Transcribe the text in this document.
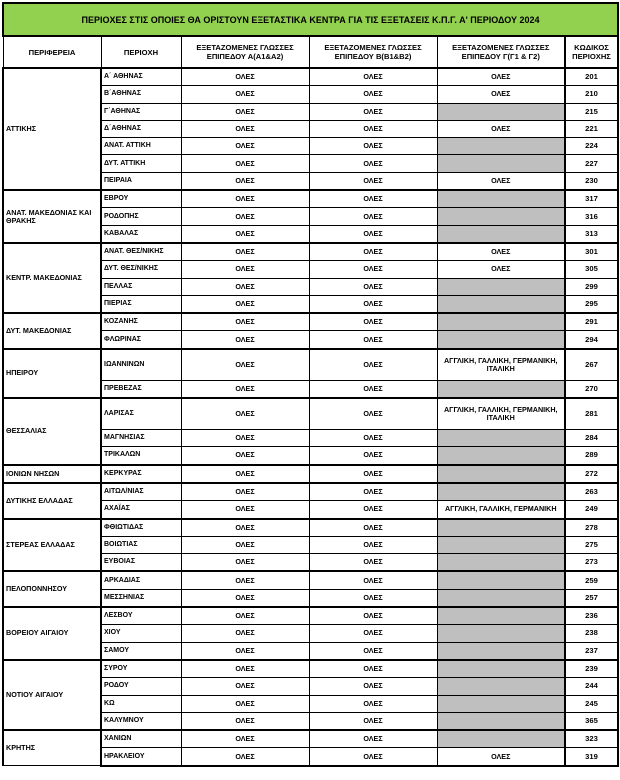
ΠΕΡΙΟΧΕΣ ΣΤΙΣ ΟΠΟΙΕΣ ΘΑ ΟΡΙΣΤΟΥΝ ΕΞΕΤΑΣΤΙΚΑ ΚΕΝΤΡΑ ΓΙΑ ΤΙΣ ΕΞΕΤΑΣΕΙΣ Κ.Π.Γ. Α' ΠΕΡΙΟΔΟΥ 2024					
ΠΕΡΙΦΕΡΕΙΑ	ΠΕΡΙΟΧΗ	ΕΞΕΤΑΖΟΜΕΝΕΣ ΓΛΩΣΣΕΣ ΕΠΙΠΕΔΟΥ Α(Α1&Α2)	ΕΞΕΤΑΖΟΜΕΝΕΣ ΓΛΩΣΣΕΣ ΕΠΙΠΕΔΟΥ Β(Β1&Β2)	ΕΞΕΤΑΖΟΜΕΝΕΣ ΓΛΩΣΣΕΣ ΕΠΙΠΕΔΟΥ Γ(Γ1 & Γ2)	ΚΩΔΙΚΟΣ ΠΕΡΙΟΧΗΣ
ΑΤΤΙΚΗΣ	Α΄ ΑΘΗΝΑΣ	ΟΛΕΣ	ΟΛΕΣ	ΟΛΕΣ	201
	Β΄ΑΘΗΝΑΣ	ΟΛΕΣ	ΟΛΕΣ	ΟΛΕΣ	210
	Γ΄ΑΘΗΝΑΣ	ΟΛΕΣ	ΟΛΕΣ		215
	Δ΄ΑΘΗΝΑΣ	ΟΛΕΣ	ΟΛΕΣ	ΟΛΕΣ	221
	ΑΝΑΤ. ΑΤΤΙΚΗ	ΟΛΕΣ	ΟΛΕΣ		224
	ΔΥΤ. ΑΤΤΙΚΗ	ΟΛΕΣ	ΟΛΕΣ		227
	ΠΕΙΡΑΙΑ	ΟΛΕΣ	ΟΛΕΣ	ΟΛΕΣ	230
ΑΝΑΤ. ΜΑΚΕΔΟΝΙΑΣ ΚΑΙ ΘΡΑΚΗΣ	ΕΒΡΟΥ	ΟΛΕΣ	ΟΛΕΣ		317
	ΡΟΔΟΠΗΣ	ΟΛΕΣ	ΟΛΕΣ		316
	ΚΑΒΑΛΑΣ	ΟΛΕΣ	ΟΛΕΣ		313
ΚΕΝΤΡ. ΜΑΚΕΔΟΝΙΑΣ	ΑΝΑΤ. ΘΕΣ/ΝΙΚΗΣ	ΟΛΕΣ	ΟΛΕΣ	ΟΛΕΣ	301
	ΔΥΤ. ΘΕΣ/ΝΙΚΗΣ	ΟΛΕΣ	ΟΛΕΣ	ΟΛΕΣ	305
	ΠΕΛΛΑΣ	ΟΛΕΣ	ΟΛΕΣ		299
	ΠΙΕΡΙΑΣ	ΟΛΕΣ	ΟΛΕΣ		295
ΔΥΤ. ΜΑΚΕΔΟΝΙΑΣ	ΚΟΖΑΝΗΣ	ΟΛΕΣ	ΟΛΕΣ		291
	ΦΛΩΡΙΝΑΣ	ΟΛΕΣ	ΟΛΕΣ		294
ΗΠΕΙΡΟΥ	ΙΩΑΝΝΙΝΩΝ	ΟΛΕΣ	ΟΛΕΣ	ΑΓΓΛΙΚΗ, ΓΑΛΛΙΚΗ, ΓΕΡΜΑΝΙΚΗ, ΙΤΑΛΙΚΗ	267
	ΠΡΕΒΕΖΑΣ	ΟΛΕΣ	ΟΛΕΣ		270
ΘΕΣΣΑΛΙΑΣ	ΛΑΡΙΣΑΣ	ΟΛΕΣ	ΟΛΕΣ	ΑΓΓΛΙΚΗ, ΓΑΛΛΙΚΗ, ΓΕΡΜΑΝΙΚΗ, ΙΤΑΛΙΚΗ	281
	ΜΑΓΝΗΣΙΑΣ	ΟΛΕΣ	ΟΛΕΣ		284
	ΤΡΙΚΑΛΩΝ	ΟΛΕΣ	ΟΛΕΣ		289
ΙΟΝΙΩΝ ΝΗΣΩΝ	ΚΕΡΚΥΡΑΣ	ΟΛΕΣ	ΟΛΕΣ		272
ΔΥΤΙΚΗΣ ΕΛΛΑΔΑΣ	ΑΙΤΩΛ/ΝΙΑΣ	ΟΛΕΣ	ΟΛΕΣ		263
	ΑΧΑΪΑΣ	ΟΛΕΣ	ΟΛΕΣ	ΑΓΓΛΙΚΗ, ΓΑΛΛΙΚΗ, ΓΕΡΜΑΝΙΚΗ	249
ΣΤΕΡΕΑΣ ΕΛΛΑΔΑΣ	ΦΘΙΩΤΙΔΑΣ	ΟΛΕΣ	ΟΛΕΣ		278
	ΒΟΙΩΤΙΑΣ	ΟΛΕΣ	ΟΛΕΣ		275
	ΕΥΒΟΙΑΣ	ΟΛΕΣ	ΟΛΕΣ		273
ΠΕΛΟΠΟΝΝΗΣΟΥ	ΑΡΚΑΔΙΑΣ	ΟΛΕΣ	ΟΛΕΣ		259
	ΜΕΣΣΗΝΙΑΣ	ΟΛΕΣ	ΟΛΕΣ		257
ΒΟΡΕΙΟΥ ΑΙΓΑΙΟΥ	ΛΕΣΒΟΥ	ΟΛΕΣ	ΟΛΕΣ		236
	ΧΙΟΥ	ΟΛΕΣ	ΟΛΕΣ		238
	ΣΑΜΟΥ	ΟΛΕΣ	ΟΛΕΣ		237
ΝΟΤΙΟΥ ΑΙΓΑΙΟΥ	ΣΥΡΟΥ	ΟΛΕΣ	ΟΛΕΣ		239
	ΡΟΔΟΥ	ΟΛΕΣ	ΟΛΕΣ		244
	ΚΩ	ΟΛΕΣ	ΟΛΕΣ		245
	ΚΑΛΥΜΝΟΥ	ΟΛΕΣ	ΟΛΕΣ		365
ΚΡΗΤΗΣ	ΧΑΝΙΩΝ	ΟΛΕΣ	ΟΛΕΣ		323
	ΗΡΑΚΛΕΙΟΥ	ΟΛΕΣ	ΟΛΕΣ	ΟΛΕΣ	319
